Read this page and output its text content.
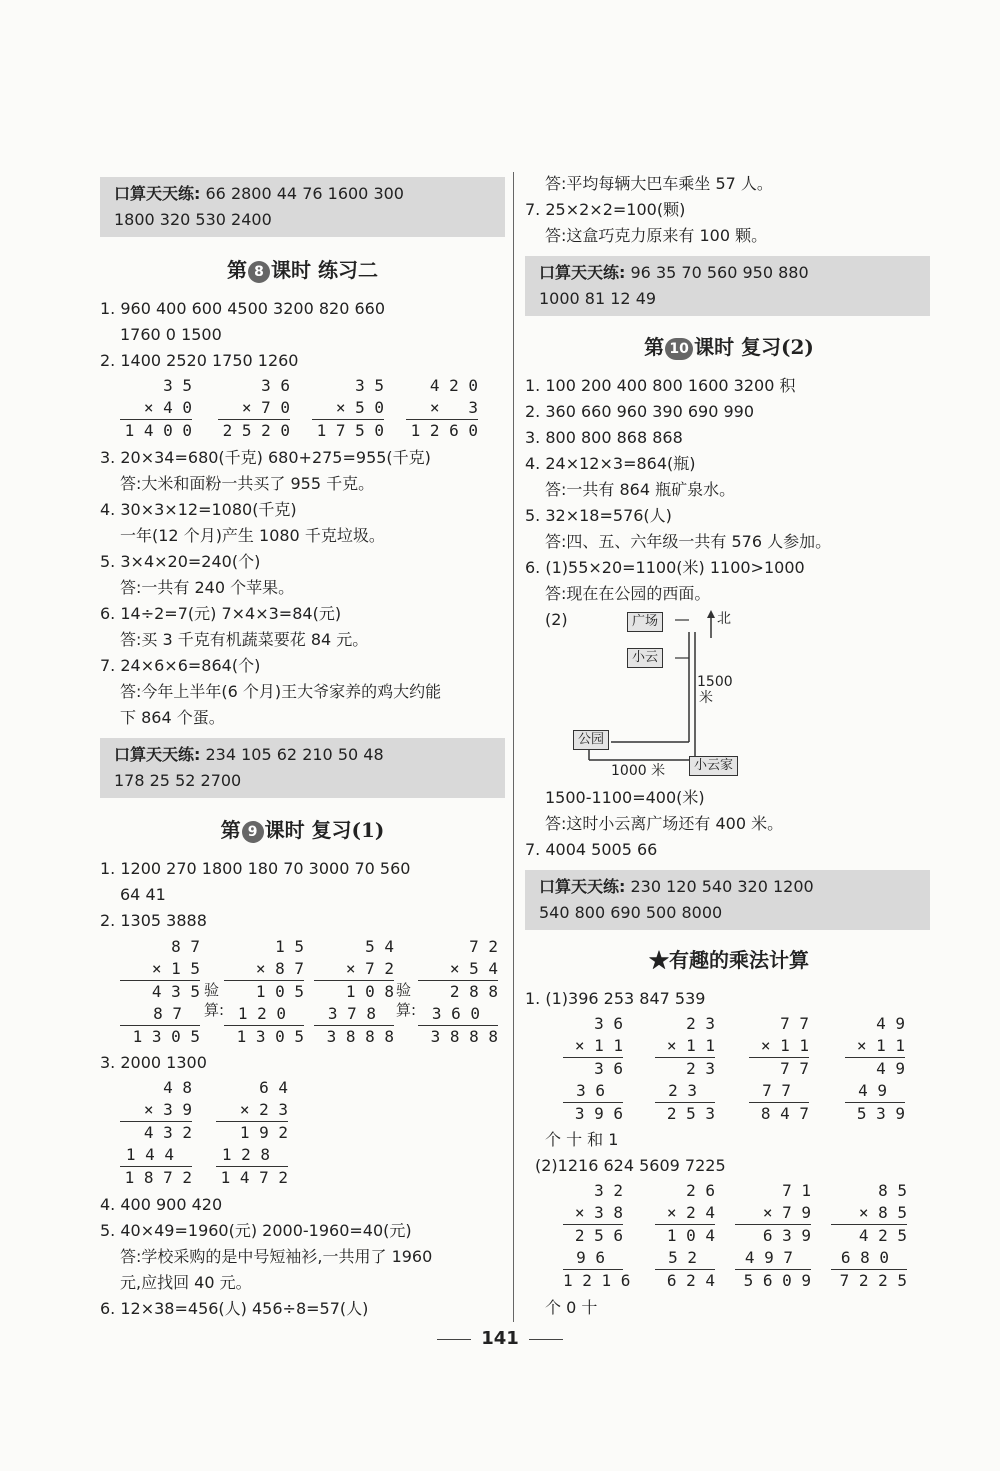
口算天天练: 66 2800 44 76 1600 300
1800 320 530 2400
第 8 课时 练习二
1. 960 400 600 4500 3200 820 660
1760 0 1500
2. 1400 2520 1750 1260
3 5
× 4 0
1 4 0 0
3 6
× 7 0
2 5 2 0
3 5
× 5 0
1 7 5 0
4 2 0
×   3
1 2 6 0
3. 20×34=680(千克) 680+275=955(千克)
答:大米和面粉一共买了 955 千克。
4. 30×3×12=1080(千克)
一年(12 个月)产生 1080 千克垃圾。
5. 3×4×20=240(个)
答:一共有 240 个苹果。
6. 14÷2=7(元) 7×4×3=84(元)
答:买 3 千克有机蔬菜要花 84 元。
7. 24×6×6=864(个)
答:今年上半年(6 个月)王大爷家养的鸡大约能
下 864 个蛋。
口算天天练: 234 105 62 210 50 48
178 25 52 2700
第 9 课时 复习(1)
1. 1200 270 1800 180 70 3000 70 560
64 41
2. 1305 3888
8 7
× 1 5
4 3 5
8 7
1 3 0 5
验算:
1 5
× 8 7
1 0 5
1 2 0
1 3 0 5
5 4
× 7 2
1 0 8
3 7 8
3 8 8 8
验算:
7 2
× 5 4
2 8 8
3 6 0
3 8 8 8
3. 2000 1300
4 8
× 3 9
4 3 2
1 4 4
1 8 7 2
6 4
× 2 3
1 9 2
1 2 8
1 4 7 2
4. 400 900 420
5. 40×49=1960(元) 2000-1960=40(元)
答:学校采购的是中号短袖衫,一共用了 1960
元,应找回 40 元。
6. 12×38=456(人) 456÷8=57(人)
答:平均每辆大巴车乘坐 57 人。
7. 25×2×2=100(颗)
答:这盒巧克力原来有 100 颗。
口算天天练: 96 35 70 560 950 880
1000 81 12 49
第 10 课时 复习(2)
1. 100 200 400 800 1600 3200 积
2. 360 660 960 390 690 990
3. 800 800 868 868
4. 24×12×3=864(瓶)
答:一共有 864 瓶矿泉水。
5. 32×18=576(人)
答:四、五、六年级一共有 576 人参加。
6. (1)55×20=1100(米) 1100>1000
答:现在在公园的西面。
(2)	广场	北
小云
1500 米
公园
1000 米	小云家
1500-1100=400(米)
答:这时小云离广场还有 400 米。
7. 4004 5005 66
口算天天练: 230 120 540 320 1200
540 800 690 500 8000
★有趣的乘法计算
1. (1)396 253 847 539
3 6
× 1 1
3 6
3 6
3 9 6
2 3
× 1 1
2 3
2 3
2 5 3
7 7
× 1 1
7 7
7 7
8 4 7
4 9
× 1 1
4 9
4 9
5 3 9
个 十 和 1
(2)1216 624 5609 7225
3 2
× 3 8
2 5 6
9 6
1 2 1 6
2 6
× 2 4
1 0 4
5 2
6 2 4
7 1
× 7 9
6 3 9
4 9 7
5 6 0 9
8 5
× 8 5
4 2 5
6 8 0
7 2 2 5
个 0 十
141
